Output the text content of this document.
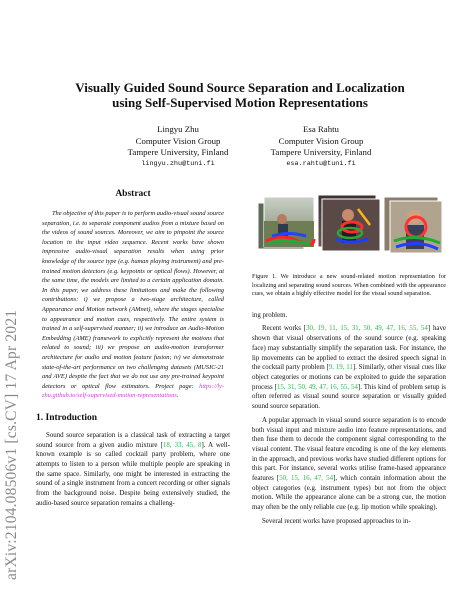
arXiv:2104.08506v1 [cs.CV] 17 Apr 2021
Visually Guided Sound Source Separation and Localization
using Self-Supervised Motion Representations
Lingyu Zhu
Computer Vision Group
Tampere University, Finland
lingyu.zhu@tuni.fi
Esa Rahtu
Computer Vision Group
Tampere University, Finland
esa.rahtu@tuni.fi
Abstract
The objective of this paper is to perform audio-visual sound source separation, i.e. to separate component audios from a mixture based on the videos of sound sources. Moreover, we aim to pinpoint the source location in the input video sequence. Recent works have shown impressive audio-visual separation results when using prior knowledge of the source type (e.g. human playing instrument) and pre-trained motion detectors (e.g. keypoints or optical flows). However, at the same time, the models are limited to a certain application domain. In this paper, we address these limitations and make the following contributions: i) we propose a two-stage architecture, called Appearance and Motion network (AMnet), where the stages specialise to appearance and motion cues, respectively. The entire system is trained in a self-supervised manner; ii) we introduce an Audio-Motion Embedding (AME) framework to explicitly represent the motions that related to sound; iii) we propose an audio-motion transformer architecture for audio and motion feature fusion; iv) we demonstrate state-of-the-art performance on two challenging datasets (MUSIC-21 and AVE) despite the fact that we do not use any pre-trained keypoint detectors or optical flow estimators. Project page: https://ly-zhu.github.io/self-supervised-motion-representations.
1. Introduction
Sound source separation is a classical task of extracting a target sound source from a given audio mixture [18, 33, 45, 8]. A well-known example is so called cocktail party problem, where one attempts to listen to a person while multiple people are speaking in the same space. Similarly, one might be interested in extracting the sound of a single instrument from a concert recording or other signals from the background noise. Despite being extensively studied, the audio-based source separation remains a challeng-
Figure 1. We introduce a new sound-related motion representation for localizing and separating sound sources. When combined with the appearance cues, we obtain a highly effective model for the visual sound separation.
ing problem.
Recent works [30, 19, 11, 15, 31, 50, 49, 47, 16, 55, 54] have shown that visual observations of the sound source (e.g. speaking face) may substantially simplify the separation task. For instance, the lip movements can be applied to extract the desired speech signal in the cocktail party problem [9, 19, 11]. Similarly, other visual cues like object categories or motions can be exploited to guide the separation process [15, 31, 50, 49, 47, 16, 55, 54]. This kind of problem setup is often referred as visual sound source separation or visually guided sound source separation.
A popular approach in visual sound source separation is to encode both visual input and mixture audio into feature representations, and then fuse them to decode the component signal corresponding to the visual content. The visual feature encoding is one of the key elements in the approach, and previous works have studied different options for this part. For instance, several works utilise frame-based appearance features [50, 15, 16, 47, 54], which contain information about the object categories (e.g. instrument types) but not from the object motion. While the appearance alone can be a strong cue, the motion may often be the only reliable cue (e.g. lip motion while speaking).
Several recent works have proposed approaches to in-
